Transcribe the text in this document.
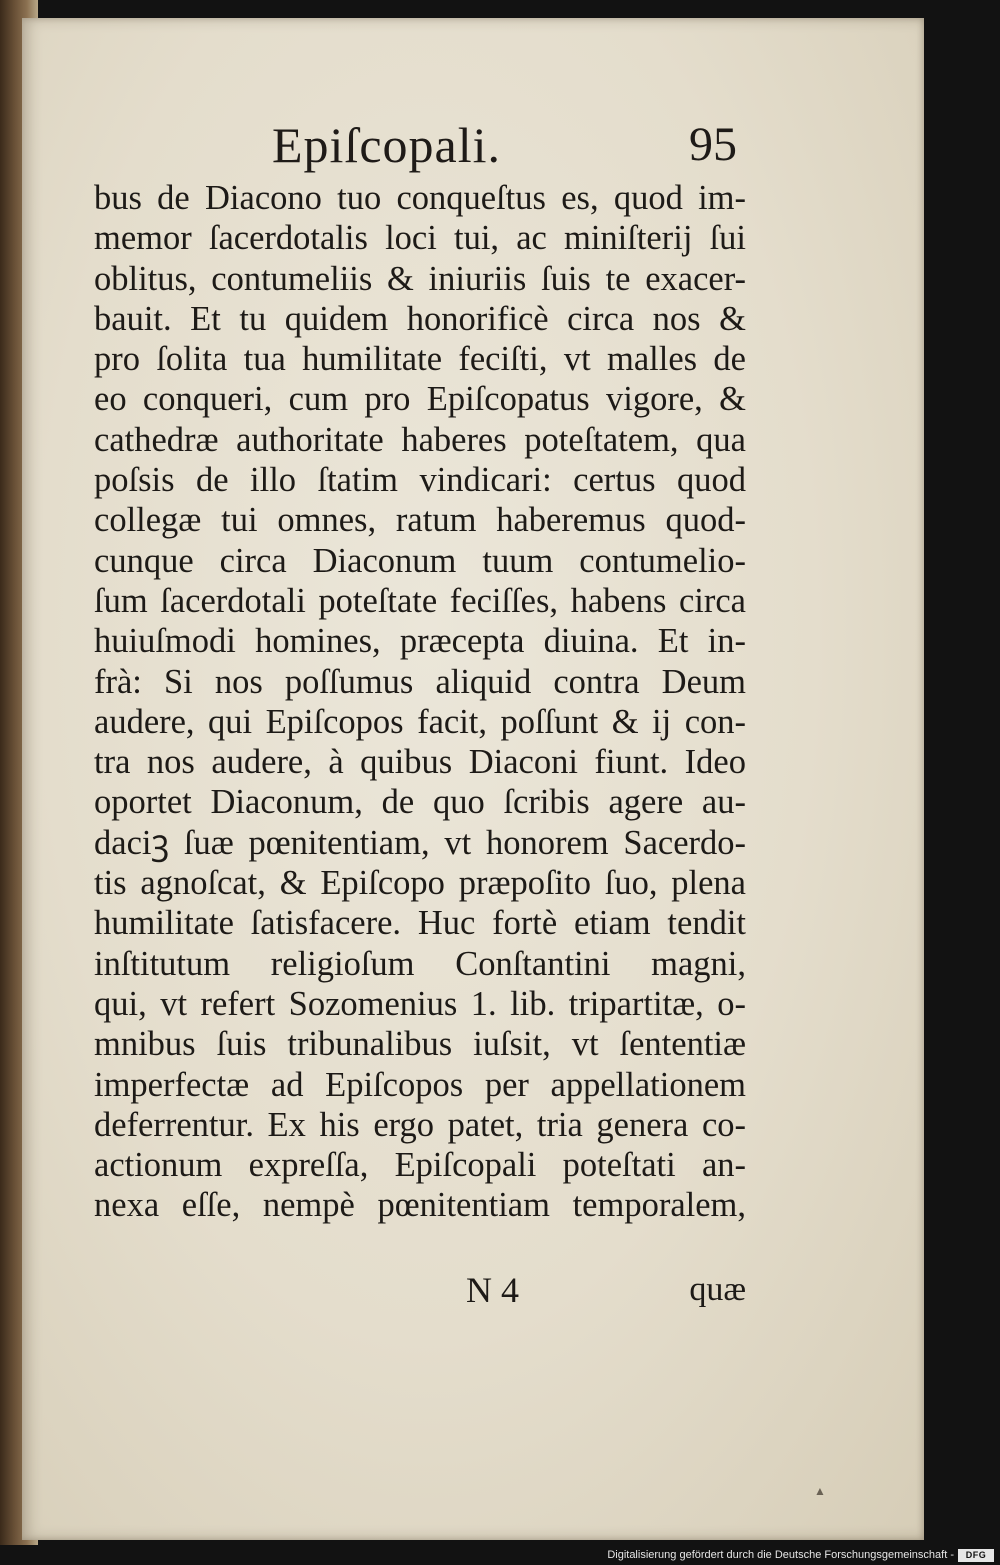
Epiſcopali.	95
bus de Diacono tuo conqueſtus es, quod im-
memor ſacerdotalis loci tui, ac miniſterij ſui
oblitus, contumeliis & iniuriis ſuis te exacer-
bauit. Et tu quidem honorificè circa nos &
pro ſolita tua humilitate feciſti, vt malles de
eo conqueri, cum pro Epiſcopatus vigore, &
cathedræ authoritate haberes poteſtatem, qua
poſsis de illo ſtatim vindicari: certus quod
collegæ tui omnes, ratum haberemus quod-
cunque circa Diaconum tuum contumelio-
ſum ſacerdotali poteſtate feciſſes, habens circa
huiuſmodi homines, præcepta diuina. Et in-
frà: Si nos poſſumus aliquid contra Deum
audere, qui Epiſcopos facit, poſſunt & ij con-
tra nos audere, à quibus Diaconi fiunt. Ideo
oportet Diaconum, de quo ſcribis agere au-
daciꝫ ſuæ pœnitentiam, vt honorem Sacerdo-
tis agnoſcat, & Epiſcopo præpoſito ſuo, plena
humilitate ſatisfacere. Huc fortè etiam tendit
inſtitutum religioſum Conſtantini magni,
qui, vt refert Sozomenius 1. lib. tripartitæ, o-
mnibus ſuis tribunalibus iuſsit, vt ſententiæ
imperfectæ ad Epiſcopos per appellationem
deferrentur. Ex his ergo patet, tria genera co-
actionum expreſſa, Epiſcopali poteſtati an-
nexa eſſe, nempè pœnitentiam temporalem,
N 4	quæ
▲
Digitalisierung gefördert durch die Deutsche Forschungsgemeinschaft -	DFG
